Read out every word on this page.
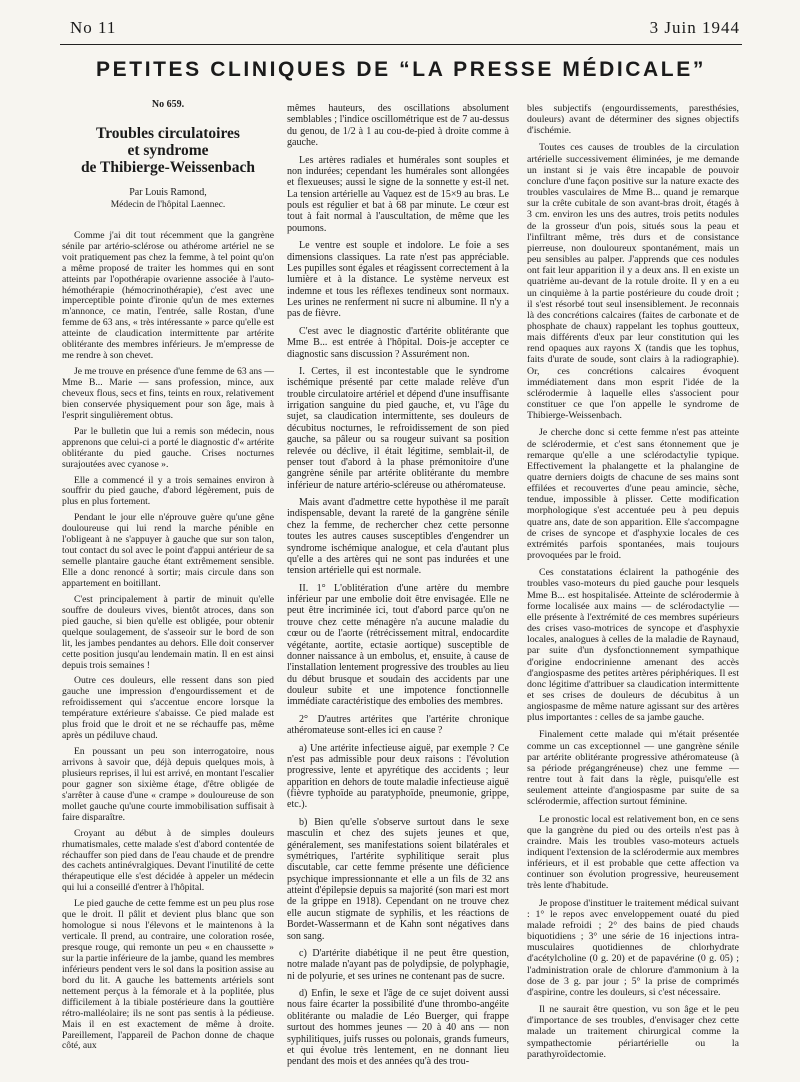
No 11	3 Juin 1944
PETITES CLINIQUES DE “LA PRESSE MÉDICALE”
No 659.
Troubles circulatoires
et syndrome
de Thibierge-Weissenbach
Par Louis Ramond,
Médecin de l'hôpital Laennec.

Comme j'ai dit tout récemment que la gangrène sénile par artério-sclérose ou athérome artériel ne se voit pratiquement pas chez la femme, à tel point qu'on a même proposé de traiter les hommes qui en sont atteints par l'opothérapie ovarienne associée à l'auto-hémothérapie (hémocrinothérapie), c'est avec une imperceptible pointe d'ironie qu'un de mes externes m'annonce, ce matin, l'entrée, salle Rostan, d'une femme de 63 ans, « très intéressante » parce qu'elle est atteinte de claudication intermittente par artérite oblitérante des membres inférieurs. Je m'empresse de me rendre à son chevet.

Je me trouve en présence d'une femme de 63 ans — Mme B... Marie — sans profession, mince, aux cheveux flous, secs et fins, teints en roux, relativement bien conservée physiquement pour son âge, mais à l'esprit singulièrement obtus.

Par le bulletin que lui a remis son médecin, nous apprenons que celui-ci a porté le diagnostic d'« artérite oblitérante du pied gauche. Crises nocturnes surajoutées avec cyanose ».

Elle a commencé il y a trois semaines environ à souffrir du pied gauche, d'abord légèrement, puis de plus en plus fortement.

Pendant le jour elle n'éprouve guère qu'une gêne douloureuse qui lui rend la marche pénible en l'obligeant à ne s'appuyer à gauche que sur son talon, tout contact du sol avec le point d'appui antérieur de sa semelle plantaire gauche étant extrêmement sensible. Elle a donc renoncé à sortir; mais circule dans son appartement en boitillant.

C'est principalement à partir de minuit qu'elle souffre de douleurs vives, bientôt atroces, dans son pied gauche, si bien qu'elle est obligée, pour obtenir quelque soulagement, de s'asseoir sur le bord de son lit, les jambes pendantes au dehors. Elle doit conserver cette position jusqu'au lendemain matin. Il en est ainsi depuis trois semaines !

Outre ces douleurs, elle ressent dans son pied gauche une impression d'engourdissement et de refroidissement qui s'accentue encore lorsque la température extérieure s'abaisse. Ce pied malade est plus froid que le droit et ne se réchauffe pas, même après un pédiluve chaud.

En poussant un peu son interrogatoire, nous arrivons à savoir que, déjà depuis quelques mois, à plusieurs reprises, il lui est arrivé, en montant l'escalier pour gagner son sixième étage, d'être obligée de s'arrêter à cause d'une « crampe » douloureuse de son mollet gauche qu'une courte immobilisation suffisait à faire disparaître.

Croyant au début à de simples douleurs rhumatismales, cette malade s'est d'abord contentée de réchauffer son pied dans de l'eau chaude et de prendre des cachets antinévralgiques. Devant l'inutilité de cette thérapeutique elle s'est décidée à appeler un médecin qui lui a conseillé d'entrer à l'hôpital.

Le pied gauche de cette femme est un peu plus rose que le droit. Il pâlit et devient plus blanc que son homologue si nous l'élevons et le maintenons à la verticale. Il prend, au contraire, une coloration rosée, presque rouge, qui remonte un peu « en chaussette » sur la partie inférieure de la jambe, quand les membres inférieurs pendent vers le sol dans la position assise au bord du lit. A gauche les battements artériels sont nettement perçus à la fémorale et à la poplitée, plus difficilement à la tibiale postérieure dans la gouttière rétro-malléolaire; ils ne sont pas sentis à la pédieuse. Mais il en est exactement de même à droite. Pareillement, l'appareil de Pachon donne de chaque côté, aux

mêmes hauteurs, des oscillations absolument semblables ; l'indice oscillométrique est de 7 au-dessus du genou, de 1/2 à 1 au cou-de-pied à droite comme à gauche.

Les artères radiales et humérales sont souples et non indurées; cependant les humérales sont allongées et flexueuses; aussi le signe de la sonnette y est-il net. La tension artérielle au Vaquez est de 15×9 au bras. Le pouls est régulier et bat à 68 par minute. Le cœur est tout à fait normal à l'auscultation, de même que les poumons.

Le ventre est souple et indolore. Le foie a ses dimensions classiques. La rate n'est pas appréciable. Les pupilles sont égales et réagissent correctement à la lumière et à la distance. Le système nerveux est indemne et tous les réflexes tendineux sont normaux. Les urines ne renferment ni sucre ni albumine. Il n'y a pas de fièvre.

C'est avec le diagnostic d'artérite oblitérante que Mme B... est entrée à l'hôpital. Dois-je accepter ce diagnostic sans discussion ? Assurément non.

I. Certes, il est incontestable que le syndrome ischémique présenté par cette malade relève d'un trouble circulatoire artériel et dépend d'une insuffisante irrigation sanguine du pied gauche, et, vu l'âge du sujet, sa claudication intermittente, ses douleurs de décubitus nocturnes, le refroidissement de son pied gauche, sa pâleur ou sa rougeur suivant sa position relevée ou déclive, il était légitime, semblait-il, de penser tout d'abord à la phase prémonitoire d'une gangrène sénile par artérite oblitérante du membre inférieur de nature artério-scléreuse ou athéromateuse.

Mais avant d'admettre cette hypothèse il me paraît indispensable, devant la rareté de la gangrène sénile chez la femme, de rechercher chez cette personne toutes les autres causes susceptibles d'engendrer un syndrome ischémique analogue, et cela d'autant plus qu'elle a des artères qui ne sont pas indurées et une tension artérielle qui est normale.

II. 1° L'oblitération d'une artère du membre inférieur par une embolie doit être envisagée. Elle ne peut être incriminée ici, tout d'abord parce qu'on ne trouve chez cette ménagère n'a aucune maladie du cœur ou de l'aorte (rétrécissement mitral, endocardite végétante, aortite, ectasie aortique) susceptible de donner naissance à un embolus, et, ensuite, à cause de l'installation lentement progressive des troubles au lieu du début brusque et soudain des accidents par une douleur subite et une impotence fonctionnelle immédiate caractéristique des embolies des membres.

2° D'autres artérites que l'artérite chronique athéromateuse sont-elles ici en cause ?

a) Une artérite infectieuse aiguë, par exemple ? Ce n'est pas admissible pour deux raisons : l'évolution progressive, lente et apyrétique des accidents ; leur apparition en dehors de toute maladie infectieuse aiguë (fièvre typhoïde au paratyphoïde, pneumonie, grippe, etc.).

b) Bien qu'elle s'observe surtout dans le sexe masculin et chez des sujets jeunes et que, généralement, ses manifestations soient bilatérales et symétriques, l'artérite syphilitique serait plus discutable, car cette femme présente une déficience psychique impressionnante et elle a un fils de 32 ans atteint d'épilepsie depuis sa majorité (son mari est mort de la grippe en 1918). Cependant on ne trouve chez elle aucun stigmate de syphilis, et les réactions de Bordet-Wassermann et de Kahn sont négatives dans son sang.

c) D'artérite diabétique il ne peut être question, notre malade n'ayant pas de polydipsie, de polyphagie, ni de polyurie, et ses urines ne contenant pas de sucre.

d) Enfin, le sexe et l'âge de ce sujet doivent aussi nous faire écarter la possibilité d'une thrombo-angéite oblitérante ou maladie de Léo Buerger, qui frappe surtout des hommes jeunes — 20 à 40 ans — non syphilitiques, juifs russes ou polonais, grands fumeurs, et qui évolue très lentement, en ne donnant lieu pendant des mois et des années qu'à des trou-

bles subjectifs (engourdissements, paresthésies, douleurs) avant de déterminer des signes objectifs d'ischémie.

Toutes ces causes de troubles de la circulation artérielle successivement éliminées, je me demande un instant si je vais être incapable de pouvoir conclure d'une façon positive sur la nature exacte des troubles vasculaires de Mme B... quand je remarque sur la crête cubitale de son avant-bras droit, étagés à 3 cm. environ les uns des autres, trois petits nodules de la grosseur d'un pois, situés sous la peau et l'infiltrant même, très durs et de consistance pierreuse, non douloureux spontanément, mais un peu sensibles au palper. J'apprends que ces nodules ont fait leur apparition il y a deux ans. Il en existe un quatrième au-devant de la rotule droite. Il y en a eu un cinquième à la partie postérieure du coude droit ; il s'est résorbé tout seul insensiblement. Je reconnais là des concrétions calcaires (faites de carbonate et de phosphate de chaux) rappelant les tophus goutteux, mais différents d'eux par leur constitution qui les rend opaques aux rayons X (tandis que les tophus, faits d'urate de soude, sont clairs à la radiographie). Or, ces concrétions calcaires évoquent immédiatement dans mon esprit l'idée de la sclérodermie à laquelle elles s'associent pour constituer ce que l'on appelle le syndrome de Thibierge-Weissenbach.

Je cherche donc si cette femme n'est pas atteinte de sclérodermie, et c'est sans étonnement que je remarque qu'elle a une sclérodactylie typique. Effectivement la phalangette et la phalangine de quatre derniers doigts de chacune de ses mains sont effilées et recouvertes d'une peau amincie, sèche, tendue, impossible à plisser. Cette modification morphologique s'est accentuée peu à peu depuis quatre ans, date de son apparition. Elle s'accompagne de crises de syncope et d'asphyxie locales de ces extrémités parfois spontanées, mais toujours provoquées par le froid.

Ces constatations éclairent la pathogénie des troubles vaso-moteurs du pied gauche pour lesquels Mme B... est hospitalisée. Atteinte de sclérodermie à forme localisée aux mains — de sclérodactylie — elle présente à l'extrémité de ces membres supérieurs des crises vaso-motrices de syncope et d'asphyxie locales, analogues à celles de la maladie de Raynaud, par suite d'un dysfonctionnement sympathique d'origine endocrinienne amenant des accès d'angiospasme des petites artères périphériques. Il est donc légitime d'attribuer sa claudication intermittente et ses crises de douleurs de décubitus à un angiospasme de même nature agissant sur des artères plus importantes : celles de sa jambe gauche.

Finalement cette malade qui m'était présentée comme un cas exceptionnel — une gangrène sénile par artérite oblitérante progressive athéromateuse (à sa période prégangréneuse) chez une femme — rentre tout à fait dans la règle, puisqu'elle est seulement atteinte d'angiospasme par suite de sa sclérodermie, affection surtout féminine.

Le pronostic local est relativement bon, en ce sens que la gangrène du pied ou des orteils n'est pas à craindre. Mais les troubles vaso-moteurs actuels indiquent l'extension de la sclérodermie aux membres inférieurs, et il est probable que cette affection va continuer son évolution progressive, heureusement très lente d'habitude.

Je propose d'instituer le traitement médical suivant : 1° le repos avec enveloppement ouaté du pied malade refroidi ; 2° des bains de pied chauds biquotidiens ; 3° une série de 16 injections intra-musculaires quotidiennes de chlorhydrate d'acétylcholine (0 g. 20) et de papavérine (0 g. 05) ; l'administration orale de chlorure d'ammonium à la dose de 3 g. par jour ; 5° la prise de comprimés d'aspirine, contre les douleurs, si c'est nécessaire.

Il ne saurait être question, vu son âge et le peu d'importance de ses troubles, d'envisager chez cette malade un traitement chirurgical comme la sympathectomie périartérielle ou la parathyroïdectomie.
